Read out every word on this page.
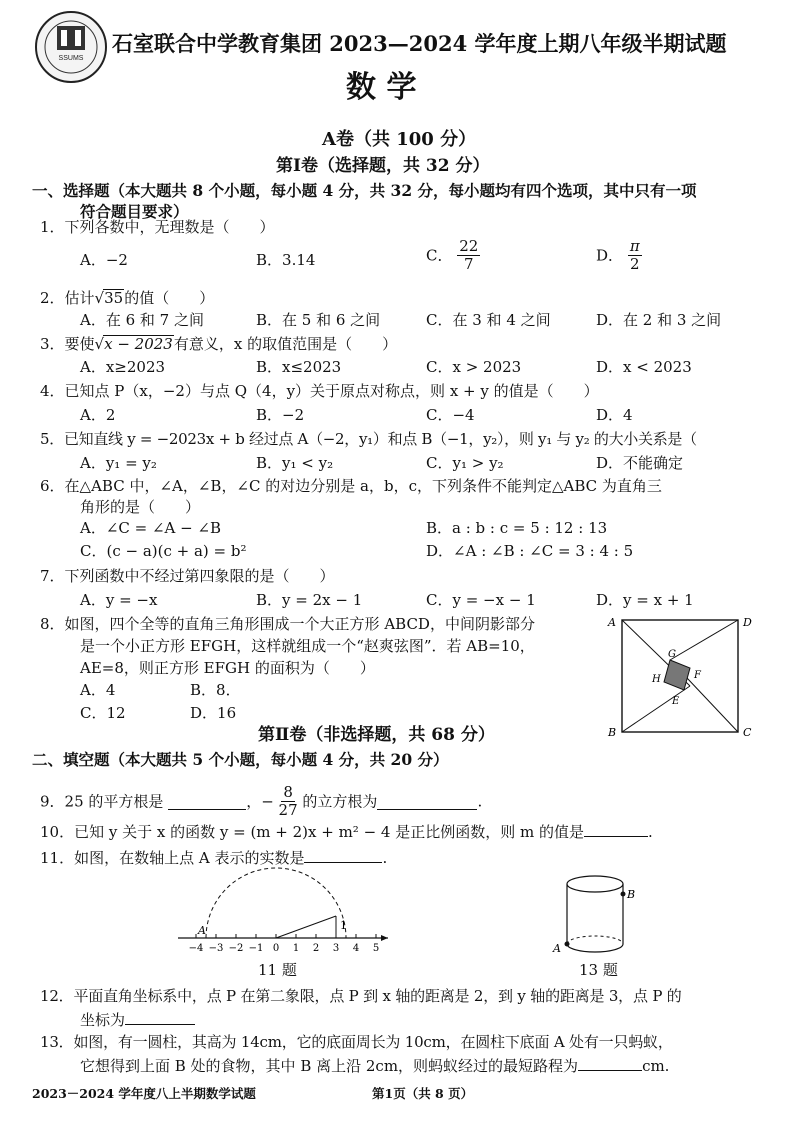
SSUMS
石室联合中学教育集团 2023—2024 学年度上期八年级半期试题
数 学
A卷（共 100 分）
第Ⅰ卷（选择题，共 32 分）
一、选择题（本大题共 8 个小题，每小题 4 分，共 32 分，每小题均有四个选项，其中只有一项
符合题目要求）
1．下列各数中，无理数是（　　）
A．−2	B．3.14	C． $\frac{22}{7}$	D． $\frac{\pi}{2}$
2．估计√35的值（　　）
A．在 6 和 7 之间	B．在 5 和 6 之间	C．在 3 和 4 之间	D．在 2 和 3 之间
3．要使√x − 2023有意义，x 的取值范围是（　　）
A．x≥2023	B．x≤2023	C．x > 2023	D．x < 2023
4．已知点 P（x，−2）与点 Q（4，y）关于原点对称点，则 x + y 的值是（　　）
A．2	B．−2	C．−4	D．4
5．已知直线 y = −2023x + b 经过点 A（−2，y₁）和点 B（−1，y₂），则 y₁ 与 y₂ 的大小关系是（
A．y₁ = y₂	B．y₁ < y₂	C．y₁ > y₂	D．不能确定
6．在△ABC 中，∠A，∠B，∠C 的对边分别是 a，b，c，下列条件不能判定△ABC 为直角三
角形的是（　　）
A．∠C = ∠A − ∠B	B．a : b : c = 5 : 12 : 13
C．(c − a)(c + a) = b²	D．∠A : ∠B : ∠C = 3 : 4 : 5
7．下列函数中不经过第四象限的是（　　）
A．y = −x	B．y = 2x − 1	C．y = −x − 1	D．y = x + 1
8．如图，四个全等的直角三角形围成一个大正方形 ABCD，中间阴影部分
是一个小正方形 EFGH，这样就组成一个“赵爽弦图”．若 AB=10，
AE=8，则正方形 EFGH 的面积为（　　）
A．4	B．8．
C．12	D．16
A	D
B	C
G
F
H
E
第Ⅱ卷（非选择题，共 68 分）
二、填空题（本大题共 5 个小题，每小题 4 分，共 20 分）
9．25 的平方根是	，− $\frac{8}{27}$ 的立方根为	.
10．已知 y 关于 x 的函数 y = (m + 2)x + m² − 4 是正比例函数，则 m 的值是	.
11．如图，在数轴上点 A 表示的实数是	.
1
A
−4 −3 −2 −1 0 1 2 3 4 5
11 题
A
B
13 题
12．平面直角坐标系中，点 P 在第二象限，点 P 到 x 轴的距离是 2，到 y 轴的距离是 3，点 P 的
坐标为
13．如图，有一圆柱，其高为 14cm，它的底面周长为 10cm，在圆柱下底面 A 处有一只蚂蚁，
它想得到上面 B 处的食物，其中 B 离上沿 2cm，则蚂蚁经过的最短路程为	cm.
2023－2024 学年度八上半期数学试题	第1页（共 8 页）
